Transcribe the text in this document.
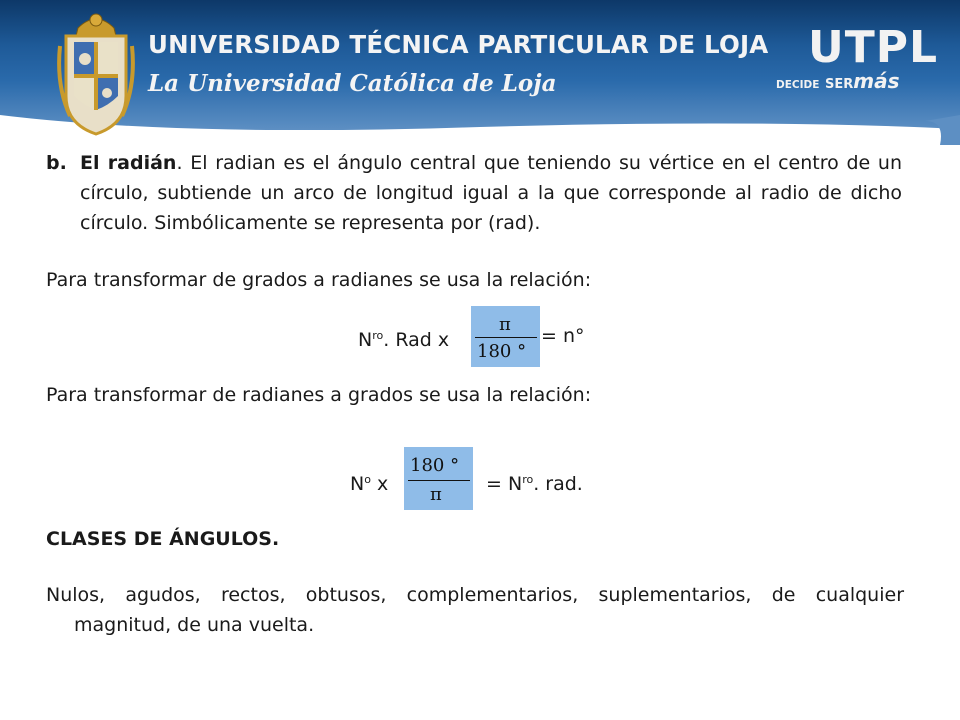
UNIVERSIDAD TÉCNICA PARTICULAR DE LOJA
La Universidad Católica de Loja
UTPL
DECIDE SERmás
b. El radián. El radian es el ángulo central que teniendo su vértice en el centro de un círculo, subtiende un arco de longitud igual a la que corresponde al radio de dicho círculo. Simbólicamente se representa por (rad).
Para transformar de grados a radianes se usa la relación:
$N^{ro}$. Rad x
π
180 °
= n°
Para transformar de radianes a grados se usa la relación:
$N^o$ x
180 °
$\pi = N^{ro}$. rad.
CLASES DE ÁNGULOS.
Nulos, agudos, rectos, obtusos, complementarios, suplementarios, de cualquier
magnitud, de una vuelta.
